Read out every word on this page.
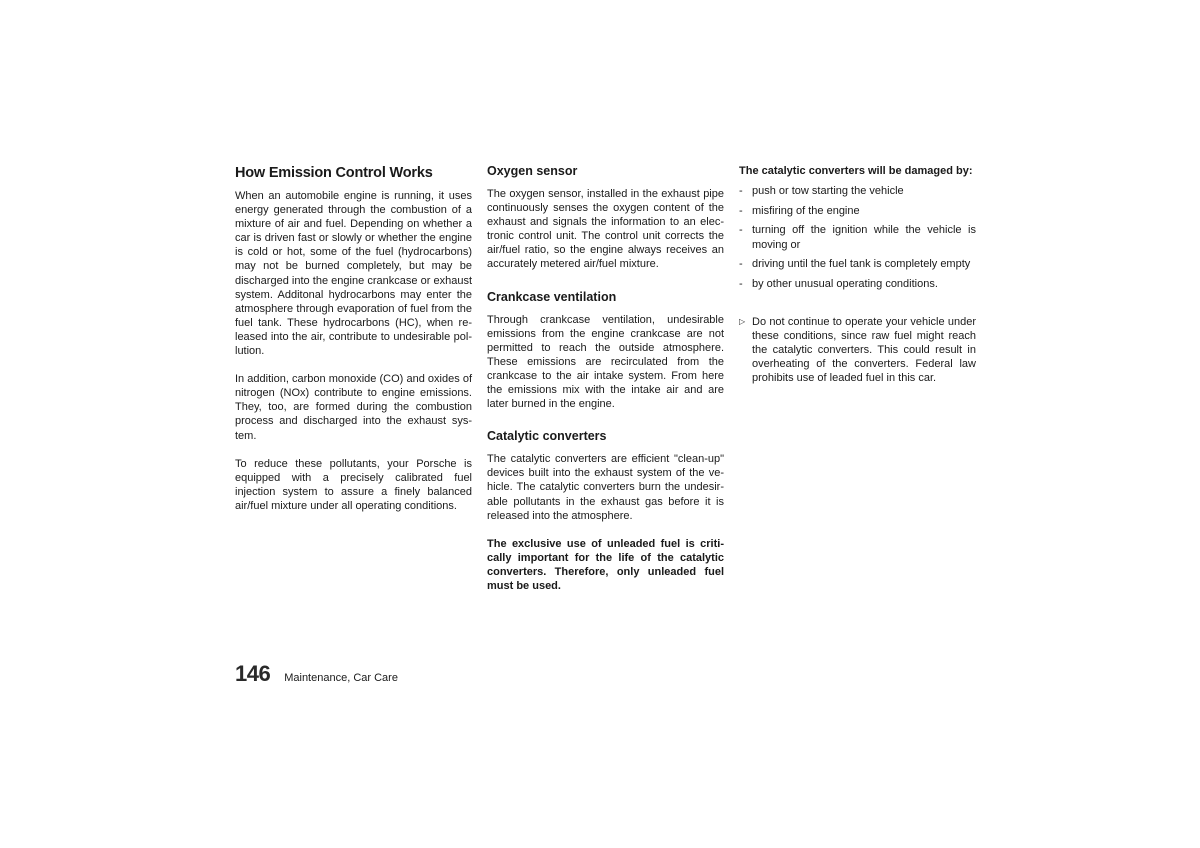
How Emission Control Works

When an automobile engine is running, it uses energy generated through the combustion of a mixture of air and fuel. Depending on whether a car is driven fast or slowly or whether the engine is cold or hot, some of the fuel (hydrocarbons) may not be burned completely, but may be discharged into the engine crankcase or exhaust system. Additonal hydrocarbons may enter the atmosphere through evaporation of fuel from the fuel tank. These hydrocarbons (HC), when released into the air, contribute to undesirable pollution.

In addition, carbon monoxide (CO) and oxides of nitrogen (NOx) contribute to engine emissions. They, too, are formed during the combustion process and discharged into the exhaust system.

To reduce these pollutants, your Porsche is equipped with a precisely calibrated fuel injection system to assure a finely balanced air/fuel mixture under all operating conditions.

Oxygen sensor

The oxygen sensor, installed in the exhaust pipe continuously senses the oxygen content of the exhaust and signals the information to an electronic control unit. The control unit corrects the air/fuel ratio, so the engine always receives an accurately metered air/fuel mixture.

Crankcase ventilation

Through crankcase ventilation, undesirable emissions from the engine crankcase are not permitted to reach the outside atmosphere. These emissions are recirculated from the crankcase to the air intake system. From here the emissions mix with the intake air and are later burned in the engine.

Catalytic converters

The catalytic converters are efficient "clean-up" devices built into the exhaust system of the vehicle. The catalytic converters burn the undesirable pollutants in the exhaust gas before it is released into the atmosphere.

The exclusive use of unleaded fuel is critically important for the life of the catalytic converters. Therefore, only unleaded fuel must be used.

The catalytic converters will be damaged by:
- push or tow starting the vehicle
- misfiring of the engine
- turning off the ignition while the vehicle is moving or
- driving until the fuel tank is completely empty
- by other unusual operating conditions.
▷ Do not continue to operate your vehicle under these conditions, since raw fuel might reach the catalytic converters. This could result in overheating of the converters. Federal law prohibits use of leaded fuel in this car.
146 Maintenance, Car Care
